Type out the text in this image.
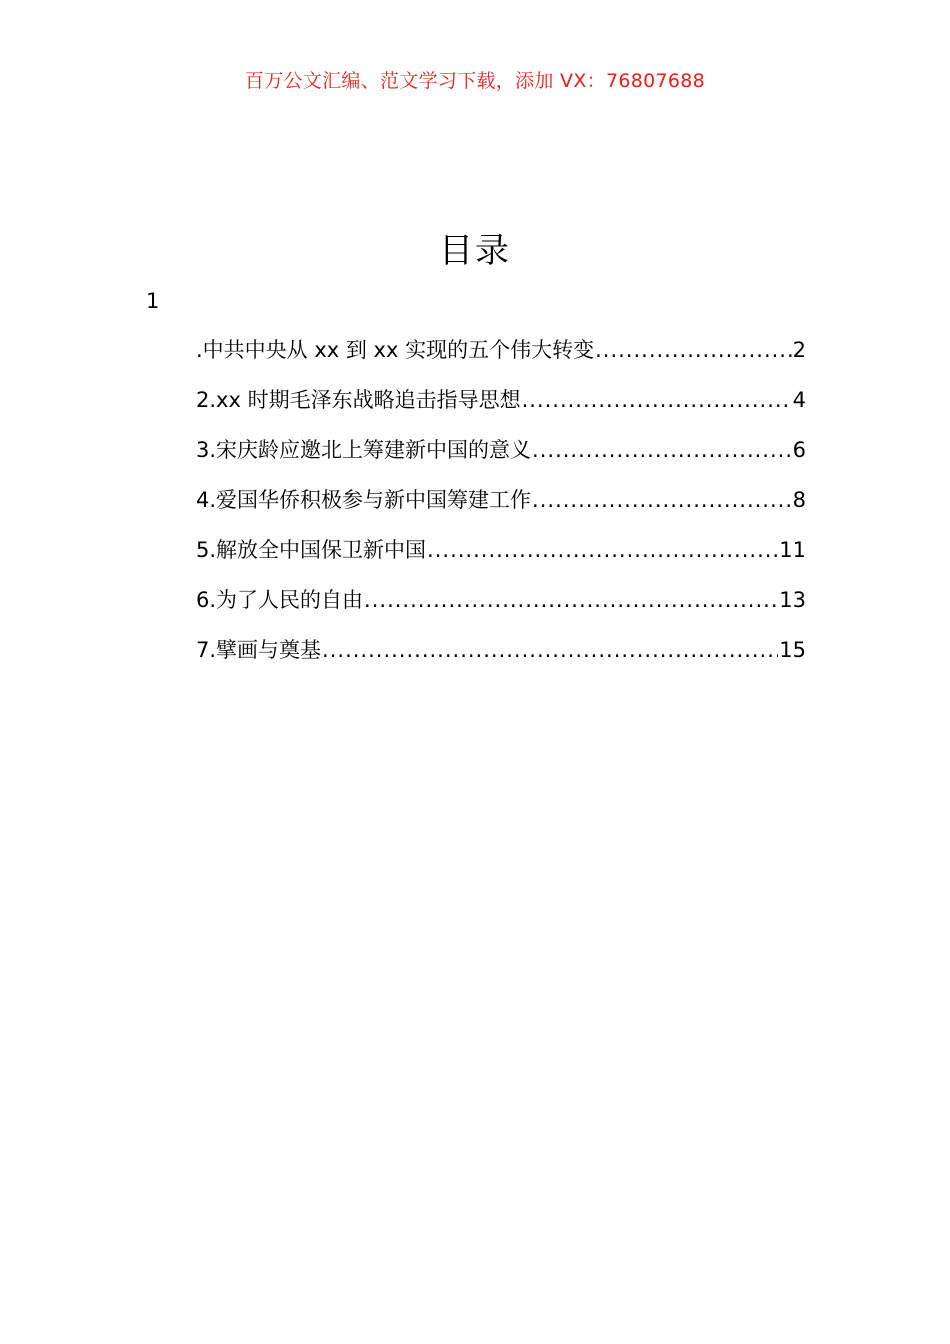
百万公文汇编、范文学习下载，添加 VX：76807688
目录
1
.中共中央从 xx 到 xx 实现的五个伟大转变 .....	2
2.xx 时期毛泽东战略追击指导思想 .....	4
3.宋庆龄应邀北上筹建新中国的意义 .....	6
4.爱国华侨积极参与新中国筹建工作 .....	8
5.解放全中国保卫新中国 .....	11
6.为了人民的自由 .....	13
7.擘画与奠基 .....	15
